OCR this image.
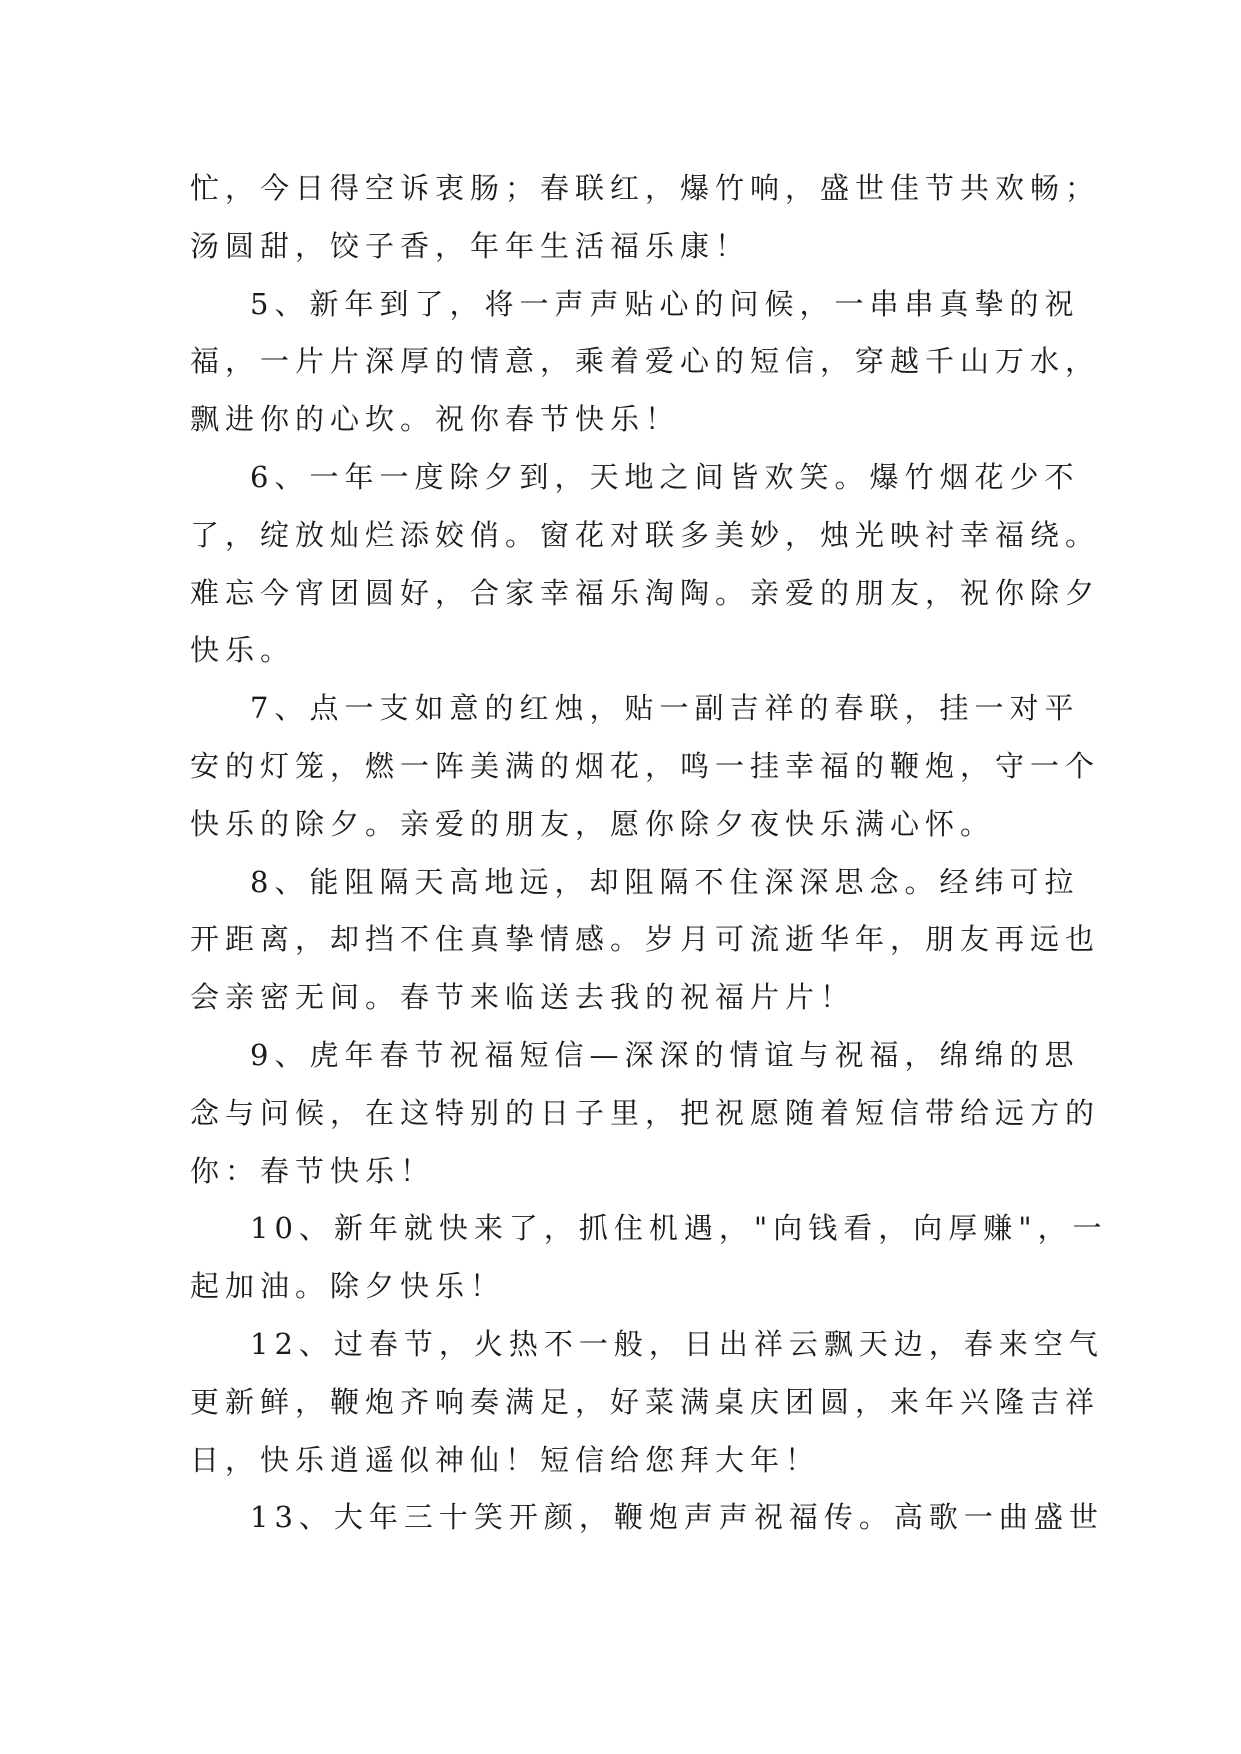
忙，今日得空诉衷肠；春联红，爆竹响，盛世佳节共欢畅；
汤圆甜，饺子香，年年生活福乐康！
5、新年到了，将一声声贴心的问候，一串串真挚的祝
福，一片片深厚的情意，乘着爱心的短信，穿越千山万水，
飘进你的心坎。祝你春节快乐！
6、一年一度除夕到，天地之间皆欢笑。爆竹烟花少不
了，绽放灿烂添姣俏。窗花对联多美妙，烛光映衬幸福绕。
难忘今宵团圆好，合家幸福乐淘陶。亲爱的朋友，祝你除夕
快乐。
7、点一支如意的红烛，贴一副吉祥的春联，挂一对平
安的灯笼，燃一阵美满的烟花，鸣一挂幸福的鞭炮，守一个
快乐的除夕。亲爱的朋友，愿你除夕夜快乐满心怀。
8、能阻隔天高地远，却阻隔不住深深思念。经纬可拉
开距离，却挡不住真挚情感。岁月可流逝华年，朋友再远也
会亲密无间。春节来临送去我的祝福片片！
9、虎年春节祝福短信—深深的情谊与祝福，绵绵的思
念与问候，在这特别的日子里，把祝愿随着短信带给远方的
你：春节快乐！
10、新年就快来了，抓住机遇，"向钱看，向厚赚"，一
起加油。除夕快乐！
12、过春节，火热不一般，日出祥云飘天边，春来空气
更新鲜，鞭炮齐响奏满足，好菜满桌庆团圆，来年兴隆吉祥
日，快乐逍遥似神仙！短信给您拜大年！
13、大年三十笑开颜，鞭炮声声祝福传。高歌一曲盛世
